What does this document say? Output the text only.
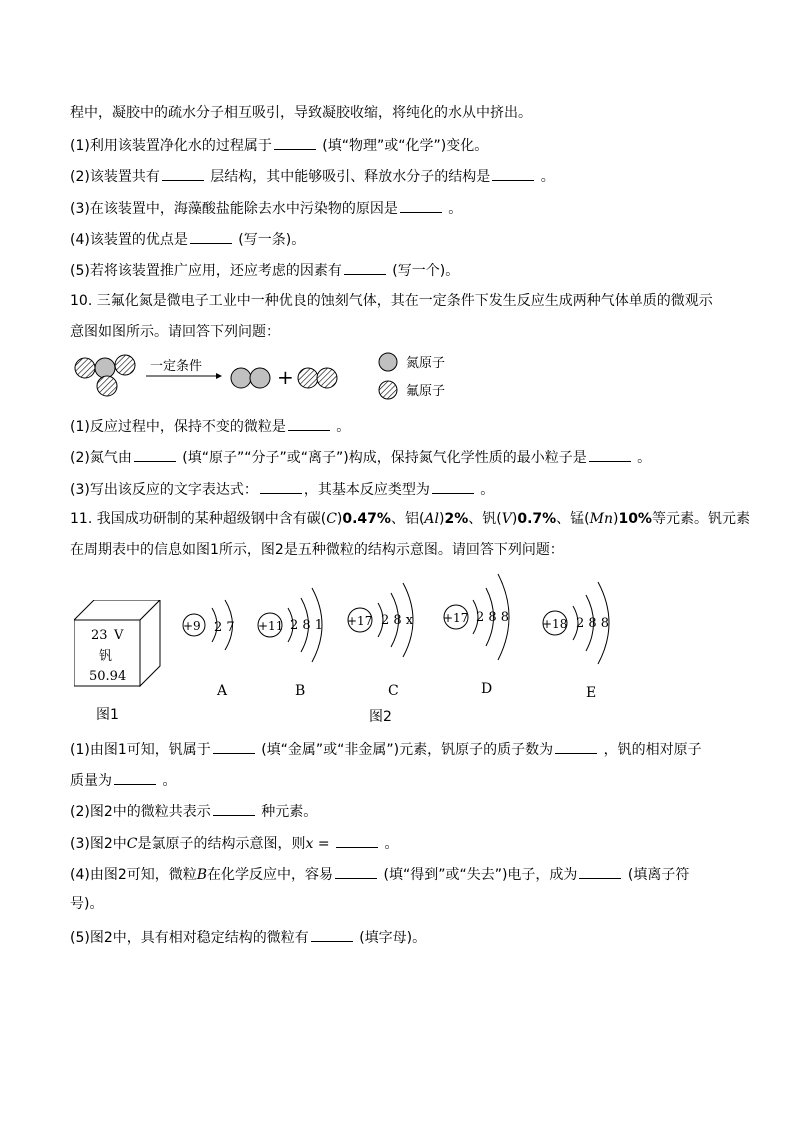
程中，凝胶中的疏水分子相互吸引，导致凝胶收缩，将纯化的水从中挤出。
(1)利用该装置净化水的过程属于	(填“物理”或“化学”)变化。
(2)该装置共有	层结构，其中能够吸引、释放水分子的结构是	。
(3)在该装置中，海藻酸盐能除去水中污染物的原因是	。
(4)该装置的优点是	(写一条)。
(5)若将该装置推广应用，还应考虑的因素有	(写一个)。
10. 三氟化氮是微电子工业中一种优良的蚀刻气体，其在一定条件下发生反应生成两种气体单质的微观示
意图如图所示。请回答下列问题：
一定条件	+
氮原子
氟原子
(1)反应过程中，保持不变的微粒是	。
(2)氮气由	(填“原子”“分子”或“离子”)构成，保持氮气化学性质的最小粒子是	。
(3)写出该反应的文字表达式：	，其基本反应类型为	。
11. 我国成功研制的某种超级钢中含有碳(C)0.47%、铝(Al)2%、钒(V)0.7%、锰(Mn)10%等元素。钒元素
在周期表中的信息如图1所示，图2是五种微粒的结构示意图。请回答下列问题：
23 V
钒
50.94
图1
+9 2 7 +11 2 8 1 +17 2 8 x +17 2 8 8	+18 2 8 8
A	B	C	D	E
图2
(1)由图1可知，钒属于	(填“金属”或“非金属”)元素，钒原子的质子数为	，钒的相对原子
质量为	。
(2)图2中的微粒共表示	种元素。
(3)图2中C是氯原子的结构示意图，则x =	。
(4)由图2可知，微粒B在化学反应中，容易	(填“得到”或“失去”)电子，成为	(填离子符
号)。
(5)图2中，具有相对稳定结构的微粒有	(填字母)。
